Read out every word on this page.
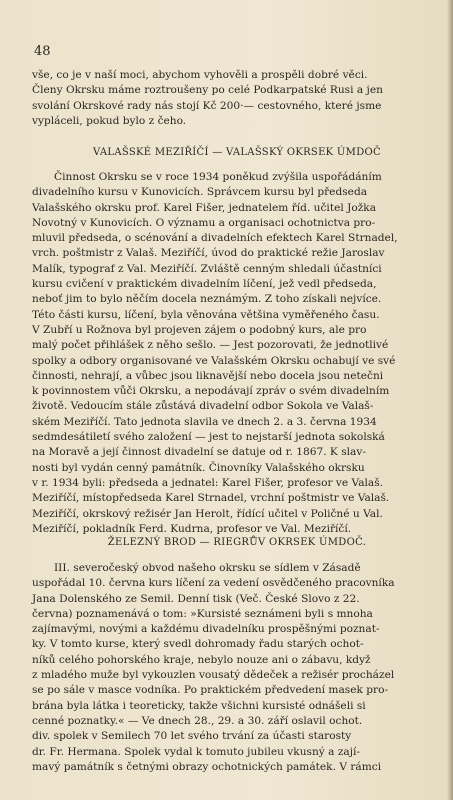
48
vše, co je v naší moci, abychom vyhověli a prospěli dobré věci.
Členy Okrsku máme roztroušeny po celé Podkarpatské Rusi a jen
svolání Okrskové rady nás stojí Kč 200·— cestovného, které jsme
vypláceli, pokud bylo z čeho.
VALAŠSKÉ MEZIŘÍČÍ — VALAŠSKÝ OKRSEK ÚMDOČ
Činnost Okrsku se v roce 1934 poněkud zvýšila uspořádáním
divadelního kursu v Kunovicích. Správcem kursu byl předseda
Valašského okrsku prof. Karel Fišer, jednatelem říd. učitel Jožka
Novotný v Kunovicích. O významu a organisaci ochotnictva pro-
mluvil předseda, o scénování a divadelních efektech Karel Strnadel,
vrch. poštmistr z Valaš. Meziříčí, úvod do praktické režie Jaroslav
Malík, typograf z Val. Meziříčí. Zvláště cenným shledali účastníci
kursu cvičení v praktickém divadelním líčení, jež vedl předseda,
neboť jim to bylo něčím docela neznámým. Z toho získali nejvíce.
Této části kursu, líčení, byla věnována většina vyměřeného času.
V Zubří u Rožnova byl projeven zájem o podobný kurs, ale pro
malý počet přihlášek z něho sešlo. — Jest pozorovati, že jednotlivé
spolky a odbory organisované ve Valašském Okrsku ochabují ve své
činnosti, nehrají, a vůbec jsou liknavější nebo docela jsou netečni
k povinnostem vůči Okrsku, a nepodávají zpráv o svém divadelním
životě. Vedoucím stále zůstává divadelní odbor Sokola ve Valaš-
ském Meziříčí. Tato jednota slavila ve dnech 2. a 3. června 1934
sedmdesátiletí svého založení — jest to nejstarší jednota sokolská
na Moravě a její činnost divadelní se datuje od r. 1867. K slav-
nosti byl vydán cenný památník. Činovníky Valašského okrsku
v r. 1934 byli: předseda a jednatel: Karel Fišer, profesor ve Valaš.
Meziříčí, místopředseda Karel Strnadel, vrchní poštmistr ve Valaš.
Meziříčí, okrskový režisér Jan Herolt, řídící učitel v Poličné u Val.
Meziříčí, pokladník Ferd. Kudrna, profesor ve Val. Meziříčí.
ŽELEZNÝ BROD — RIEGRŮV OKRSEK ÚMDOČ.
III. severočeský obvod našeho okrsku se sídlem v Zásadě
uspořádal 10. června kurs líčení za vedení osvědčeného pracovníka
Jana Dolenského ze Semil. Denní tisk (Več. České Slovo z 22.
června) poznamenává o tom: »Kursisté seznámeni byli s mnoha
zajímavými, novými a každému divadelníku prospěšnými poznat-
ky. V tomto kurse, který svedl dohromady řadu starých ochot-
níků celého pohorského kraje, nebylo nouze ani o zábavu, když
z mladého muže byl vykouzlen vousatý dědeček a režisér procházel
se po sále v masce vodníka. Po praktickém předvedení masek pro-
brána byla látka i teoreticky, takže všichni kursisté odnášeli si
cenné poznatky.« — Ve dnech 28., 29. a 30. září oslavil ochot.
div. spolek v Semilech 70 let svého trvání za účasti starosty
dr. Fr. Hermana. Spolek vydal k tomuto jubileu vkusný a zají-
mavý památník s četnými obrazy ochotnických památek. V rámci
